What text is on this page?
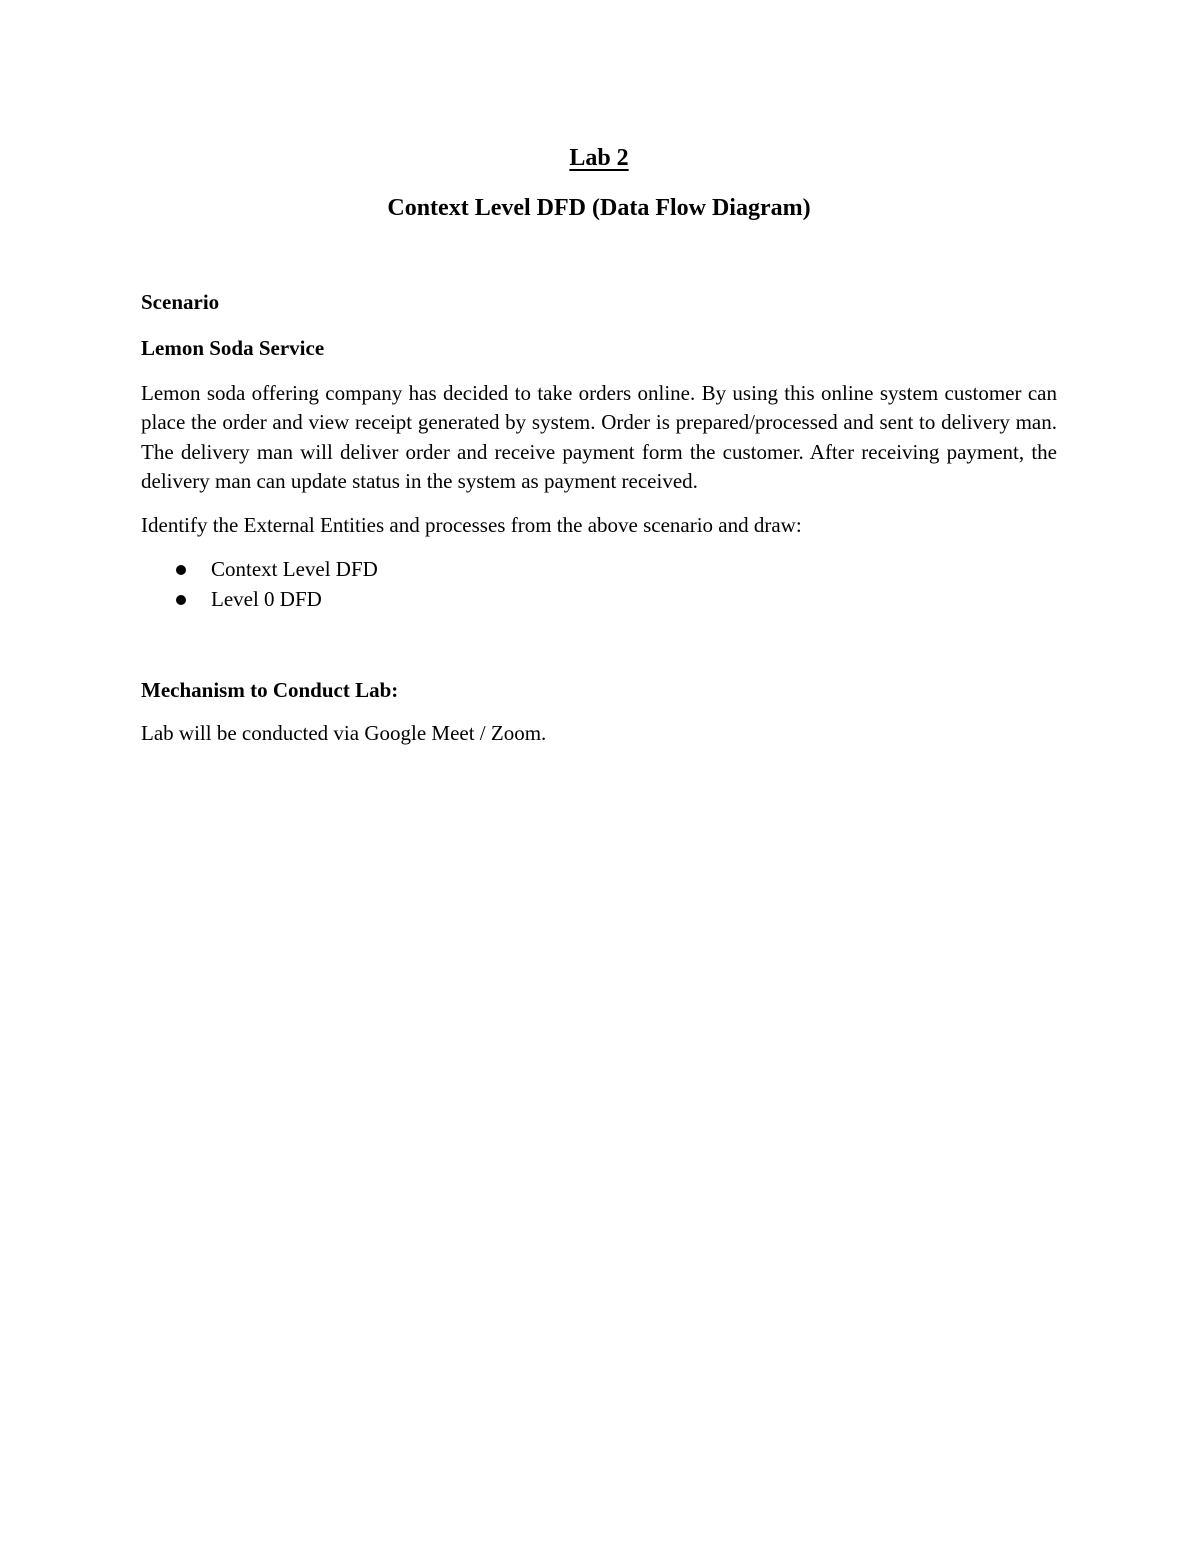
Lab 2
Context Level DFD (Data Flow Diagram)
Scenario
Lemon Soda Service

Lemon soda offering company has decided to take orders online. By using this online system customer can place the order and view receipt generated by system. Order is prepared/processed and sent to delivery man. The delivery man will deliver order and receive payment form the customer. After receiving payment, the delivery man can update status in the system as payment received.

Identify the External Entities and processes from the above scenario and draw:

Context Level DFD
Level 0 DFD
Mechanism to Conduct Lab:

Lab will be conducted via Google Meet / Zoom.
